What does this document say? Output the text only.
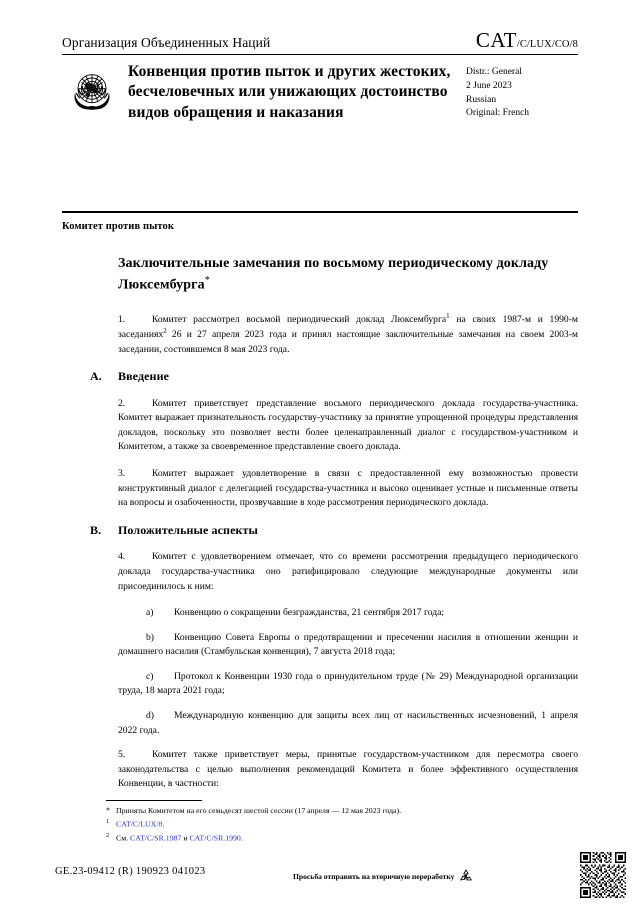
Организация Объединенных Наций	CAT /C/LUX/CO/8
Конвенция против пыток и других жестоких, бесчеловечных или унижающих достоинство видов обращения и наказания
Distr.: General
2 June 2023
Russian
Original: French
Комитет против пыток
Заключительные замечания по восьмому периодическому докладу Люксембурга*

1.	Комитет рассмотрел восьмой периодический доклад Люксембурга$^1$ на своих 1987-м и 1990-м заседаниях$^2$ 26 и 27 апреля 2023 года и принял настоящие заключительные замечания на своем 2003-м заседании, состоявшемся 8 мая 2023 года.

A. Введение

2.	Комитет приветствует представление восьмого периодического доклада государства-участника. Комитет выражает признательность государству-участнику за принятие упрощенной процедуры представления докладов, поскольку это позволяет вести более целенаправленный диалог с государством-участником и Комитетом, а также за своевременное представление своего доклада.

3.	Комитет выражает удовлетворение в связи с предоставленной ему возможностью провести конструктивный диалог с делегацией государства-участника и высоко оценивает устные и письменные ответы на вопросы и озабоченности, прозвучавшие в ходе рассмотрения периодического доклада.

B. Положительные аспекты

4.	Комитет с удовлетворением отмечает, что со времени рассмотрения предыдущего периодического доклада государства-участника оно ратифицировало следующие международные документы или присоединилось к ним:

a) Конвенцию о сокращении безгражданства, 21 сентября 2017 года;

b) Конвенцию Совета Европы о предотвращении и пресечении насилия в отношении женщин и домашнего насилия (Стамбульская конвенция), 7 августа 2018 года;

c) Протокол к Конвенции 1930 года о принудительном труде (№ 29) Международной организации труда, 18 марта 2021 года;

d) Международную конвенцию для защиты всех лиц от насильственных исчезновений, 1 апреля 2022 года.

5.	Комитет также приветствует меры, принятые государством-участником для пересмотра своего законодательства с целью выполнения рекомендаций Комитета и более эффективного осуществления Конвенции, в частности:

* Приняты Комитетом на его семьдесят шестой сессии (17 апреля — 12 мая 2023 года).
1 CAT/C/LUX/8.
2 См. CAT/C/SR.1987 и CAT/C/SR.1990.
GE.23-09412 (R) 190923 041023	Просьба отправить на вторичную переработку
